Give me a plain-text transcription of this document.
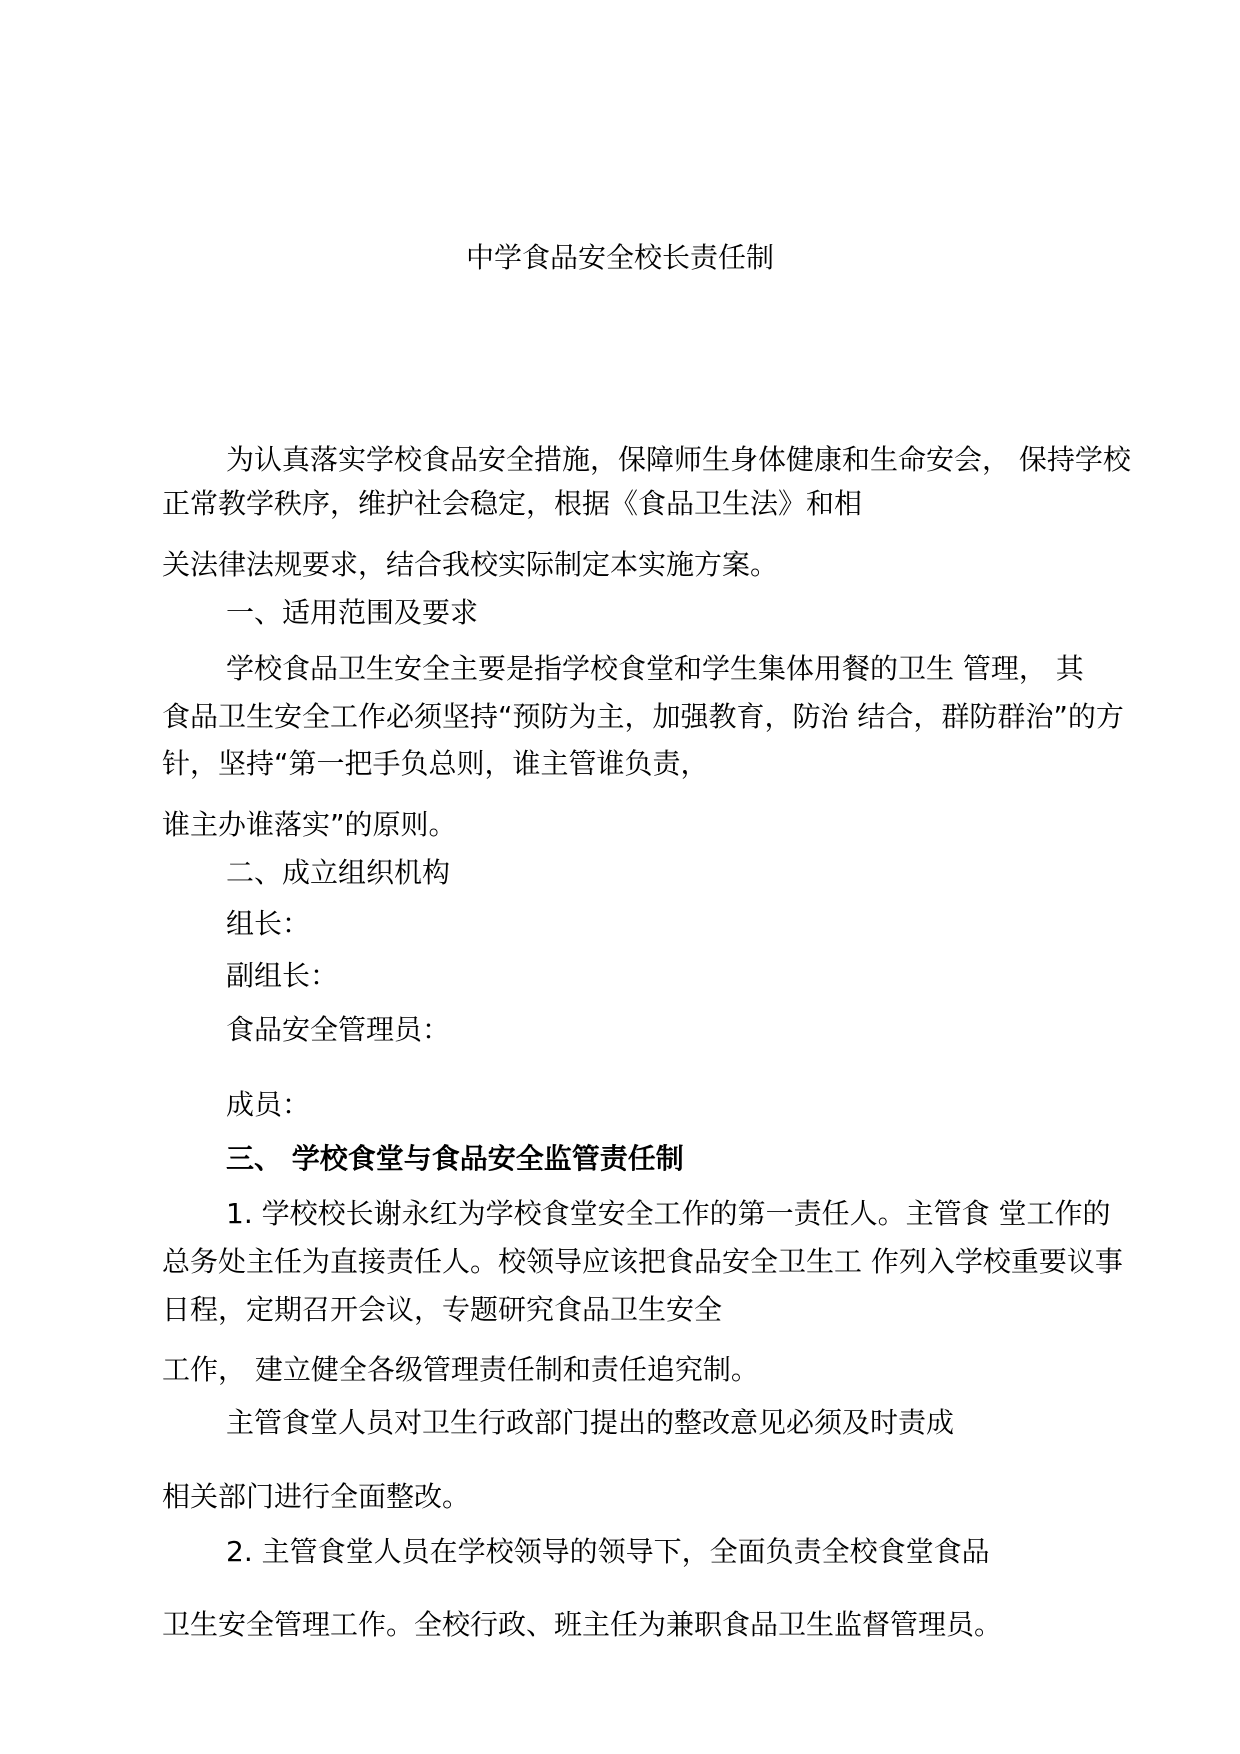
中学食品安全校长责任制
为认真落实学校食品安全措施，保障师生身体健康和生命安会， 保持学校
正常教学秩序，维护社会稳定，根据《食品卫生法》和相
关法律法规要求，结合我校实际制定本实施方案。
一、适用范围及要求
学校食品卫生安全主要是指学校食堂和学生集体用餐的卫生 管理， 其
食品卫生安全工作必须坚持“预防为主，加强教育，防治 结合，群防群治”的方
针，坚持“第一把手负总则，谁主管谁负责，
谁主办谁落实”的原则。
二、成立组织机构
组长：
副组长：
食品安全管理员：
成员：
三、 学校食堂与食品安全监管责任制
1. 学校校长谢永红为学校食堂安全工作的第一责任人。主管食 堂工作的
总务处主任为直接责任人。校领导应该把食品安全卫生工 作列入学校重要议事
日程，定期召开会议，专题研究食品卫生安全
工作， 建立健全各级管理责任制和责任追究制。
主管食堂人员对卫生行政部门提出的整改意见必须及时责成
相关部门进行全面整改。
2. 主管食堂人员在学校领导的领导下，全面负责全校食堂食品
卫生安全管理工作。全校行政、班主任为兼职食品卫生监督管理员。
